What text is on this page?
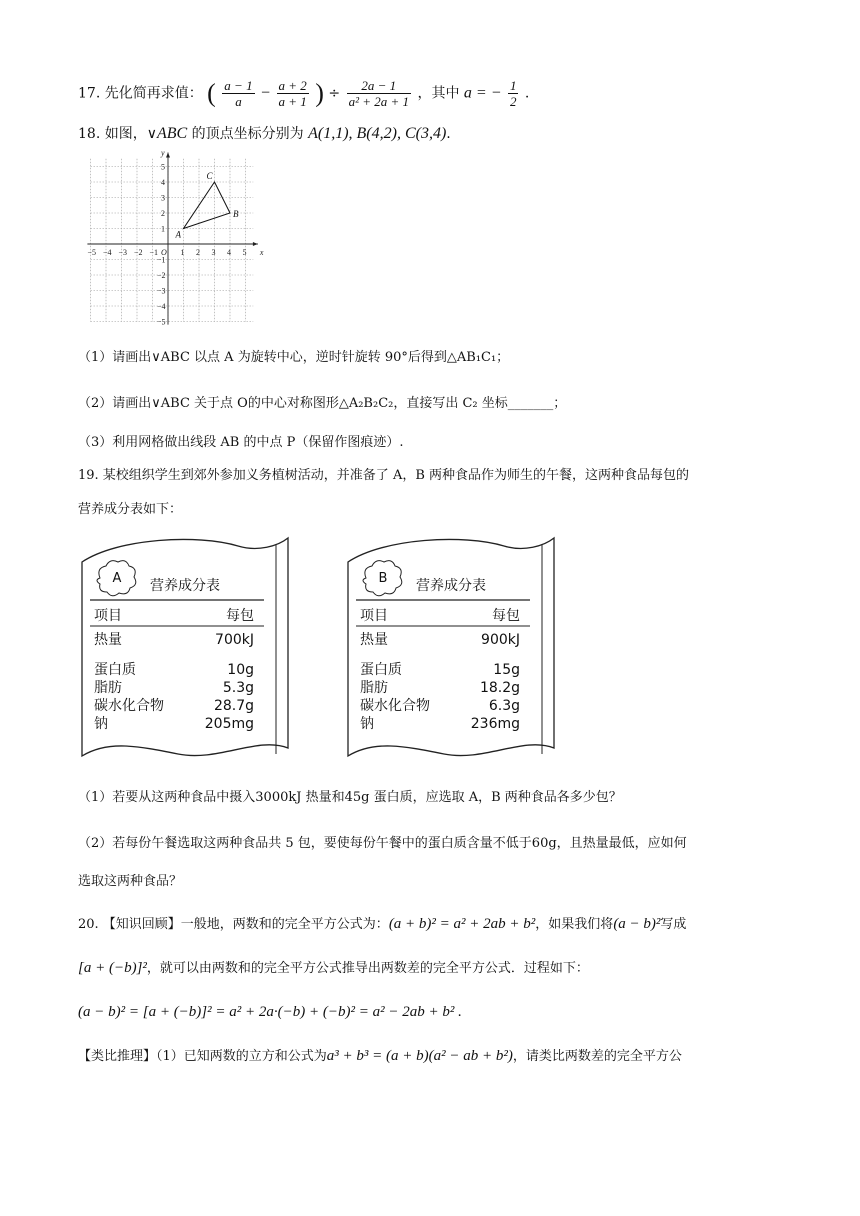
17. 先化简再求值： ( $\frac{a - 1}{a} - \frac{a + 2}{a + 1}$ ) ÷ $\frac{2a - 1}{\text{a² + 2a + 1}}$ ，其中 a = − $\frac{1}{2}$ .
18. 如图，∨ABC 的顶点坐标分别为 A(1,1), B(4,2), C(3,4).
−5 −4 −3 −2 −1 O 1 2 3 4 5 x
y
5
4
3
2
1
−1
−2
−3
−4
−5
A
B
C
（1）请画出∨ABC 以点 A 为旋转中心，逆时针旋转 90°后得到△AB₁C₁；
（2）请画出∨ABC 关于点 O的中心对称图形△A₂B₂C₂，直接写出 C₂ 坐标_______；
（3）利用网格做出线段 AB 的中点 P（保留作图痕迹）.
19. 某校组织学生到郊外参加义务植树活动，并准备了 A，B 两种食品作为师生的午餐，这两种食品每包的
营养成分表如下：
A 营养成分表
项目	每包
热量	700kJ
蛋白质	10g
脂肪	5.3g
碳水化合物	28.7g
钠	205mg
B 营养成分表
项目	每包
热量	900kJ
蛋白质	15g
脂肪	18.2g
碳水化合物	6.3g
钠	236mg
（1）若要从这两种食品中摄入3000kJ 热量和45g 蛋白质，应选取 A，B 两种食品各多少包？
（2）若每份午餐选取这两种食品共 5 包，要使每份午餐中的蛋白质含量不低于60g，且热量最低，应如何
选取这两种食品？
20. 【知识回顾】一般地，两数和的完全平方公式为：(a + b)² = a² + 2ab + b²，如果我们将(a − b)²写成
[a + (−b)]²，就可以由两数和的完全平方公式推导出两数差的完全平方公式．过程如下：
(a − b)² = [a + (−b)]² = a² + 2a·(−b) + (−b)² = a² − 2ab + b² .
【类比推理】（1）已知两数的立方和公式为a³ + b³ = (a + b)(a² − ab + b²)，请类比两数差的完全平方公
